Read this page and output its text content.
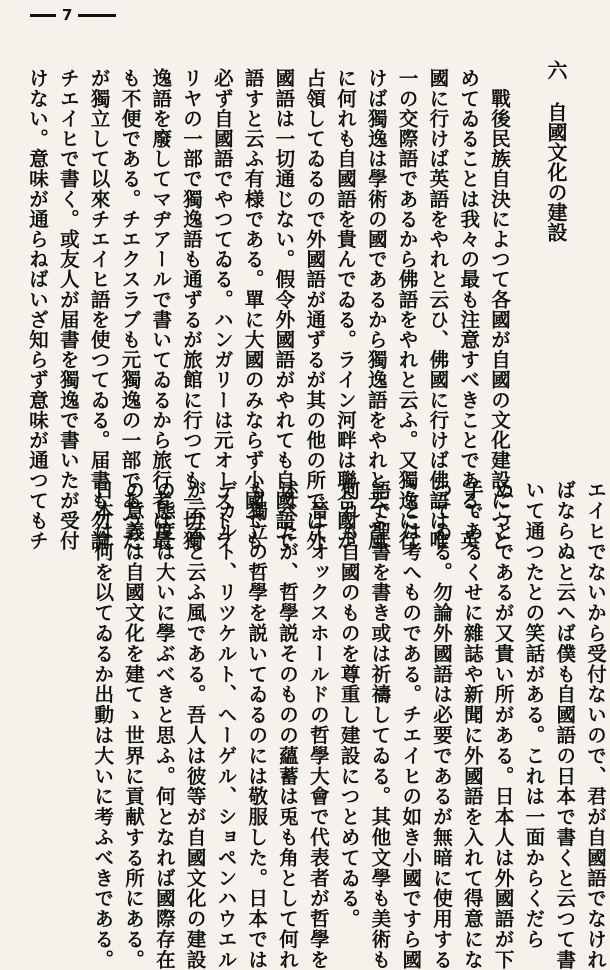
7
六自國文化の建設
　戰後民族自決によつて各國が自國の文化建設につと
めてゐることは我々の最も注意すべきことである。英
國に行けば英語をやれと云ひ、佛國に行けば佛語は唯
一の交際語であるから佛語をやれと云ふ。又獨逸に行
けば獨逸は學術の國であるから獨逸語をやれと云ふ風
に何れも自國語を貴んでゐる。ライン河畔は聯合國が
占領してゐるので外國語が通ずるが其の他の所では外
國語は一切通じない。假令外國語がやれても自國語で
語すと云ふ有様である。單に大國のみならず小國でも
必ず自國語でやつてゐる。ハンガリーは元オーストラ
リヤの一部で獨逸語も通ずるが旅館に行つても一切獨
逸語を廢してマヂアールで書いてゐるから旅行者は最
も不便である。チエクスラブも元獨逸の一部であつた
が獨立して以來チエイヒ語を使つてゐる。届書も勿論
チエイヒで書く。或友人が届書を獨逸で書いたが受付
けない。意味が通らねばいざ知らず意味が通つてもチ
エイヒでないから受付ないので、君が自國語でなけれ
ばならぬと云へば僕も自國語の日本で書くと云つて書
いて通つたとの笑話がある。これは一面からくだら
ぬことであるが又貴い所がある。日本人は外國語が下
手であるくせに雜誌や新聞に外國語を入れて得意にな
つてゐる。勿論外國語は必要であるが無暗に使用する
ことは考へものである。チエイヒの如き小國ですら國
語で聖書を書き或は祈禱してゐる。其他文學も美術も
何れも自國のものを尊重し建設につとめてゐる。
　晉てオックスホールドの哲學大會で代表者が哲學を
述べたが、哲學説そのものの蘊蓄は兎も角として何れ
も獨立の哲學を説いてゐるのには敬服した。日本では
デカルト、リツケルト、ヘーゲル、ショペンハウエル
が云云と云ふ風である。吾人は彼等が自國文化の建設
の態度は大いに學ぶべきと思ふ。何となれば國際存在
の意義は自國文化を建てゝ世界に貢献する所にある。
日本は何を以てゐるか出動は大いに考ふべきである。
